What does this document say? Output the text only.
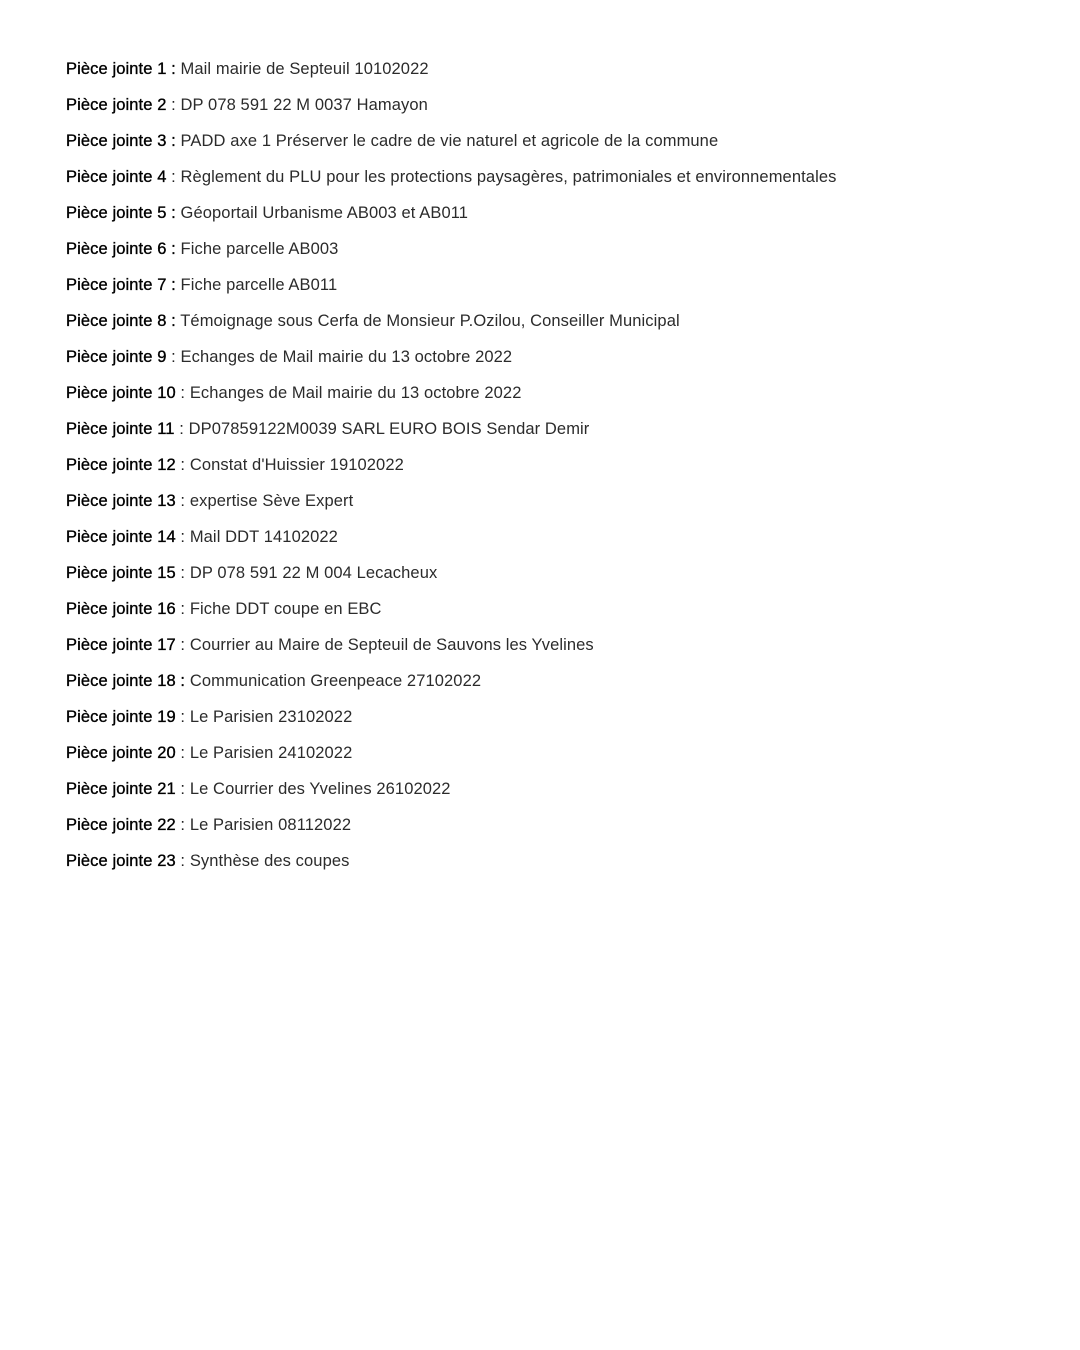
Pièce jointe 1 : Mail mairie de Septeuil 10102022
Pièce jointe 2 : DP 078 591 22 M 0037 Hamayon
Pièce jointe 3 : PADD axe 1 Préserver le cadre de vie naturel et agricole de la commune
Pièce jointe 4 : Règlement du PLU pour les protections paysagères, patrimoniales et environnementales
Pièce jointe 5 : Géoportail Urbanisme AB003 et AB011
Pièce jointe 6 : Fiche parcelle AB003
Pièce jointe 7 : Fiche parcelle AB011
Pièce jointe 8 : Témoignage sous Cerfa de Monsieur P.Ozilou, Conseiller Municipal
Pièce jointe 9 : Echanges de Mail mairie du 13 octobre 2022
Pièce jointe 10 : Echanges de Mail mairie du 13 octobre 2022
Pièce jointe 11 : DP07859122M0039 SARL EURO BOIS Sendar Demir
Pièce jointe 12 : Constat d'Huissier 19102022
Pièce jointe 13 : expertise Sève Expert
Pièce jointe 14 : Mail DDT 14102022
Pièce jointe 15 : DP 078 591 22 M 004 Lecacheux
Pièce jointe 16 : Fiche DDT coupe en EBC
Pièce jointe 17 : Courrier au Maire de Septeuil de Sauvons les Yvelines
Pièce jointe 18 : Communication Greenpeace 27102022
Pièce jointe 19 : Le Parisien 23102022
Pièce jointe 20 : Le Parisien 24102022
Pièce jointe 21 : Le Courrier des Yvelines 26102022
Pièce jointe 22 : Le Parisien 08112022
Pièce jointe 23 : Synthèse des coupes
